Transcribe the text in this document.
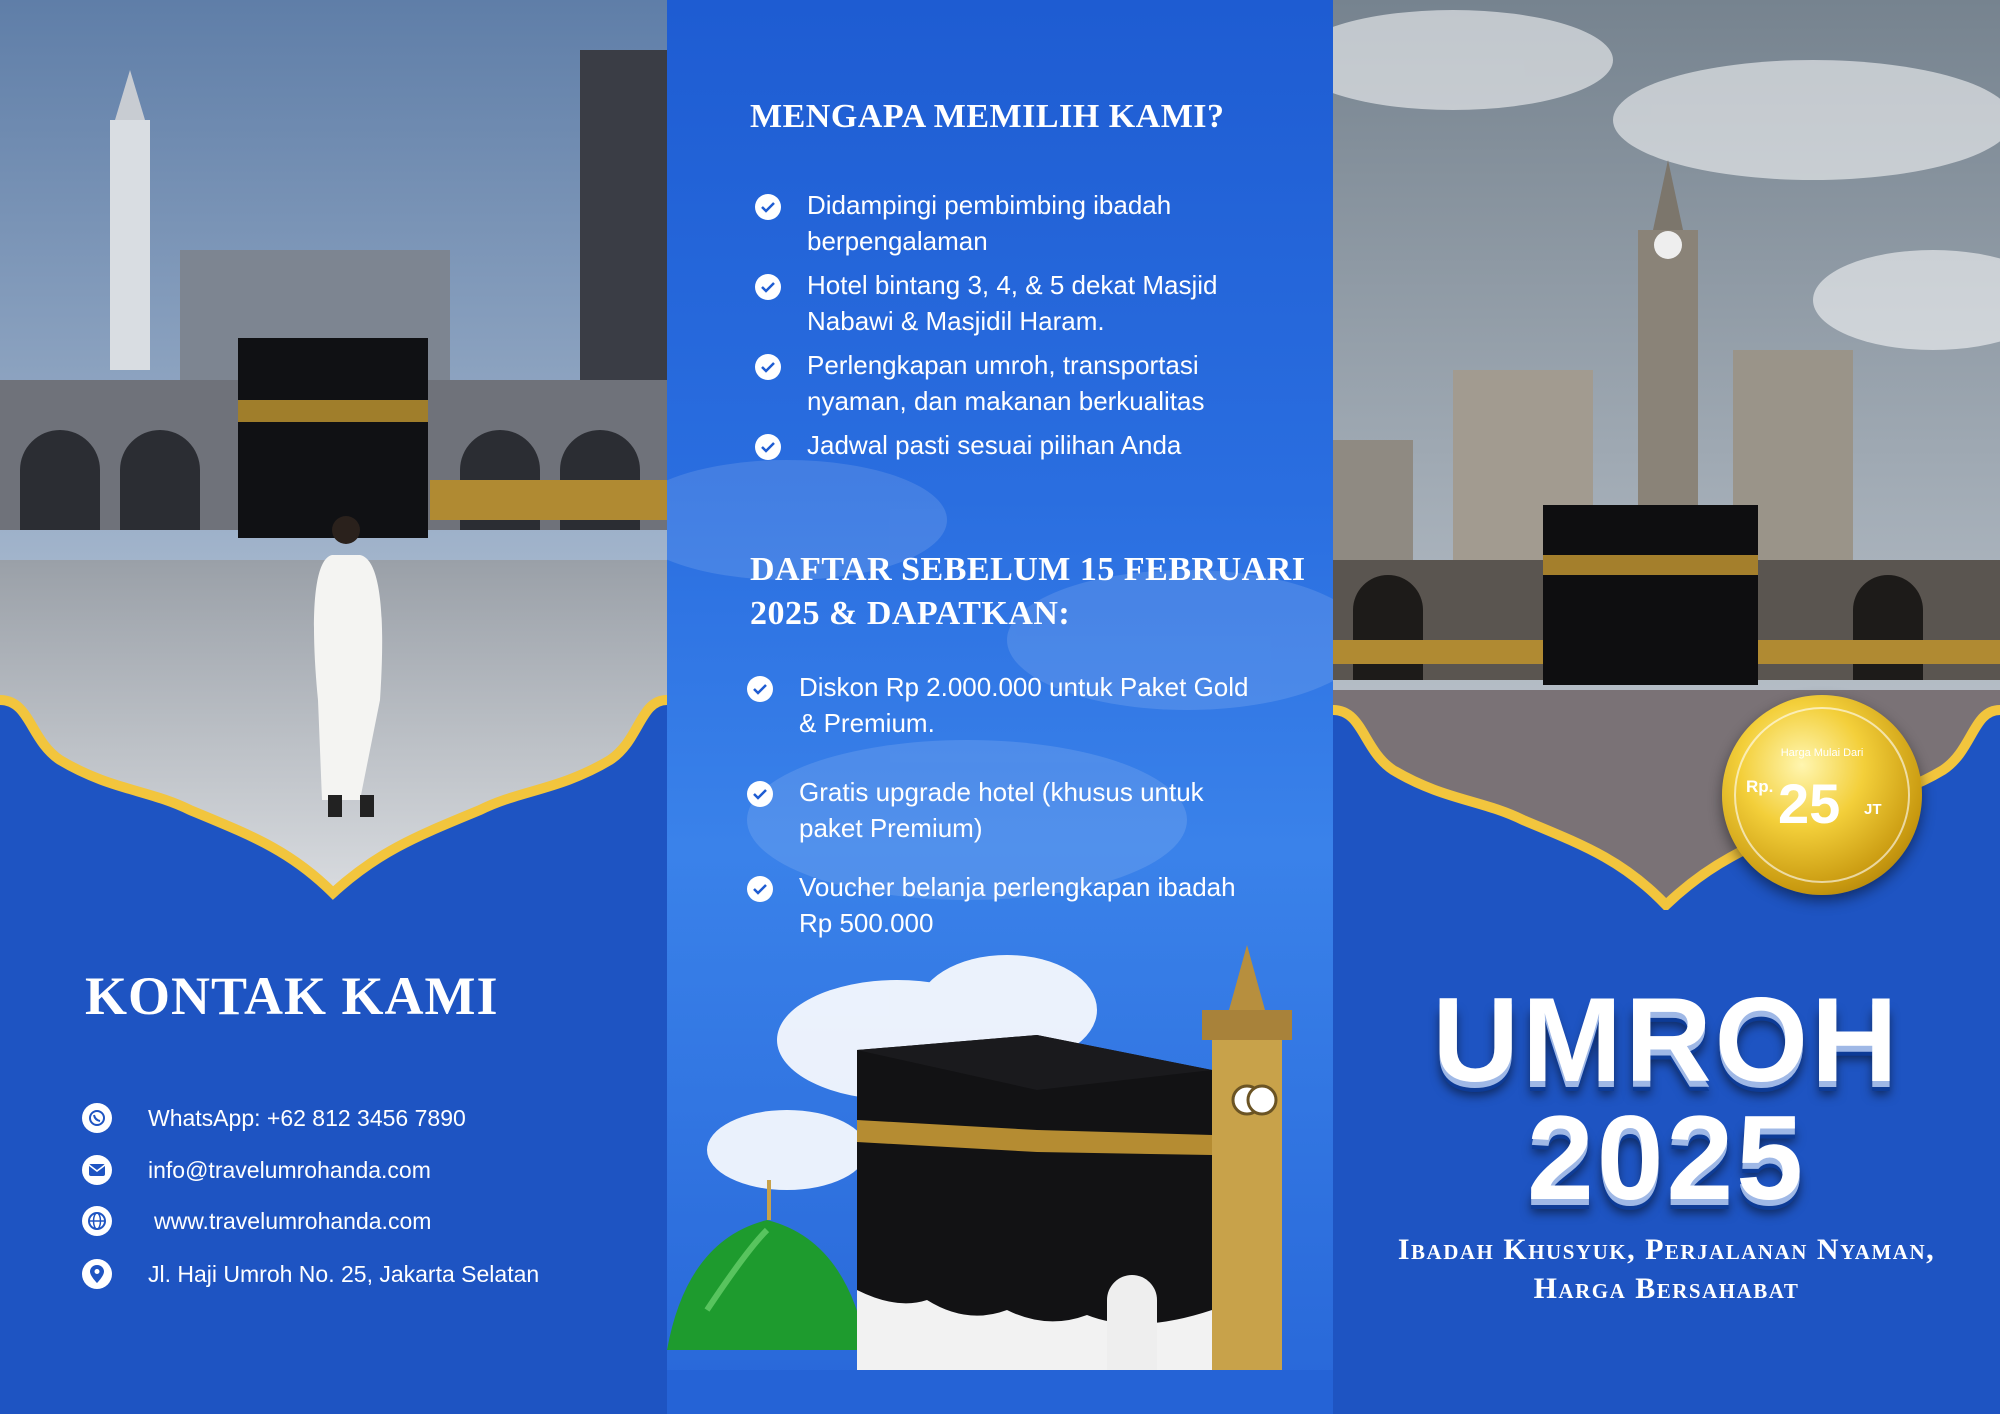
KONTAK KAMI
WhatsApp: +62 812 3456 7890
info@travelumrohanda.com
www.travelumrohanda.com
Jl. Haji Umroh No. 25, Jakarta Selatan
MENGAPA MEMILIH KAMI?
Didampingi pembimbing ibadah berpengalaman
Hotel bintang 3, 4, & 5 dekat Masjid Nabawi & Masjidil Haram.
Perlengkapan umroh, transportasi nyaman, dan makanan berkualitas
Jadwal pasti sesuai pilihan Anda
DAFTAR SEBELUM 15 FEBRUARI 2025 & DAPATKAN:
Diskon Rp 2.000.000 untuk Paket Gold & Premium.
Gratis upgrade hotel (khusus untuk paket Premium)
Voucher belanja perlengkapan ibadah Rp 500.000
UMROH
2025

Ibadah Khusyuk, Perjalanan Nyaman, Harga Bersahabat

Harga Mulai Dari
Rp. 25 JT
